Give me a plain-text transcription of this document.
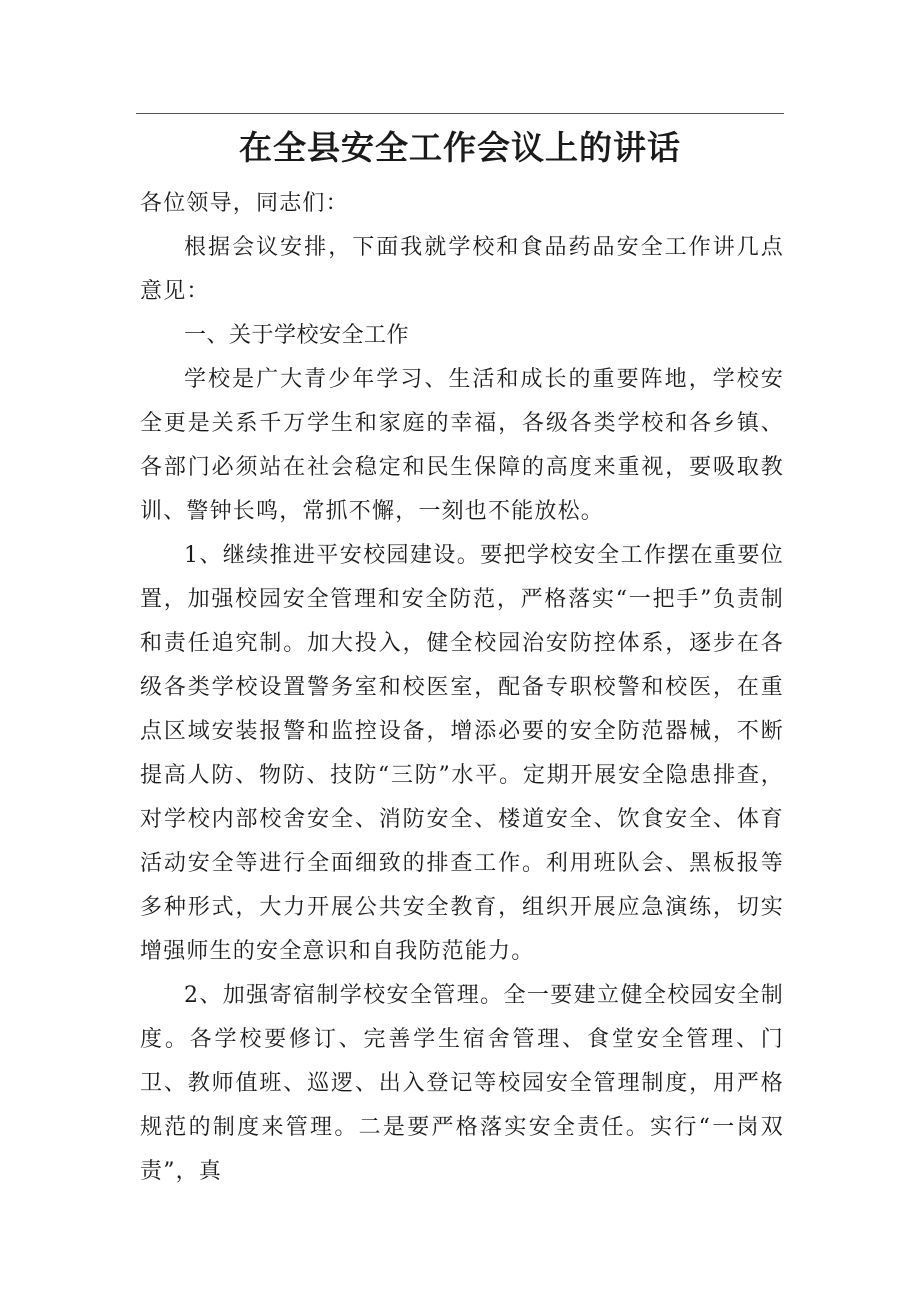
在全县安全工作会议上的讲话

各位领导，同志们：

根据会议安排，下面我就学校和食品药品安全工作讲几点意见：

一、关于学校安全工作

学校是广大青少年学习、生活和成长的重要阵地，学校安全更是关系千万学生和家庭的幸福，各级各类学校和各乡镇、各部门必须站在社会稳定和民生保障的高度来重视，要吸取教训、警钟长鸣，常抓不懈，一刻也不能放松。

1、继续推进平安校园建设。要把学校安全工作摆在重要位置，加强校园安全管理和安全防范，严格落实“一把手”负责制和责任追究制。加大投入，健全校园治安防控体系，逐步在各级各类学校设置警务室和校医室，配备专职校警和校医，在重点区域安装报警和监控设备，增添必要的安全防范器械，不断提高人防、物防、技防“三防”水平。定期开展安全隐患排查，对学校内部校舍安全、消防安全、楼道安全、饮食安全、体育活动安全等进行全面细致的排查工作。利用班队会、黑板报等多种形式，大力开展公共安全教育，组织开展应急演练，切实增强师生的安全意识和自我防范能力。

2、加强寄宿制学校安全管理。全一要建立健全校园安全制度。各学校要修订、完善学生宿舍管理、食堂安全管理、门卫、教师值班、巡逻、出入登记等校园安全管理制度，用严格规范的制度来管理。二是要严格落实安全责任。实行“一岗双责”，真
